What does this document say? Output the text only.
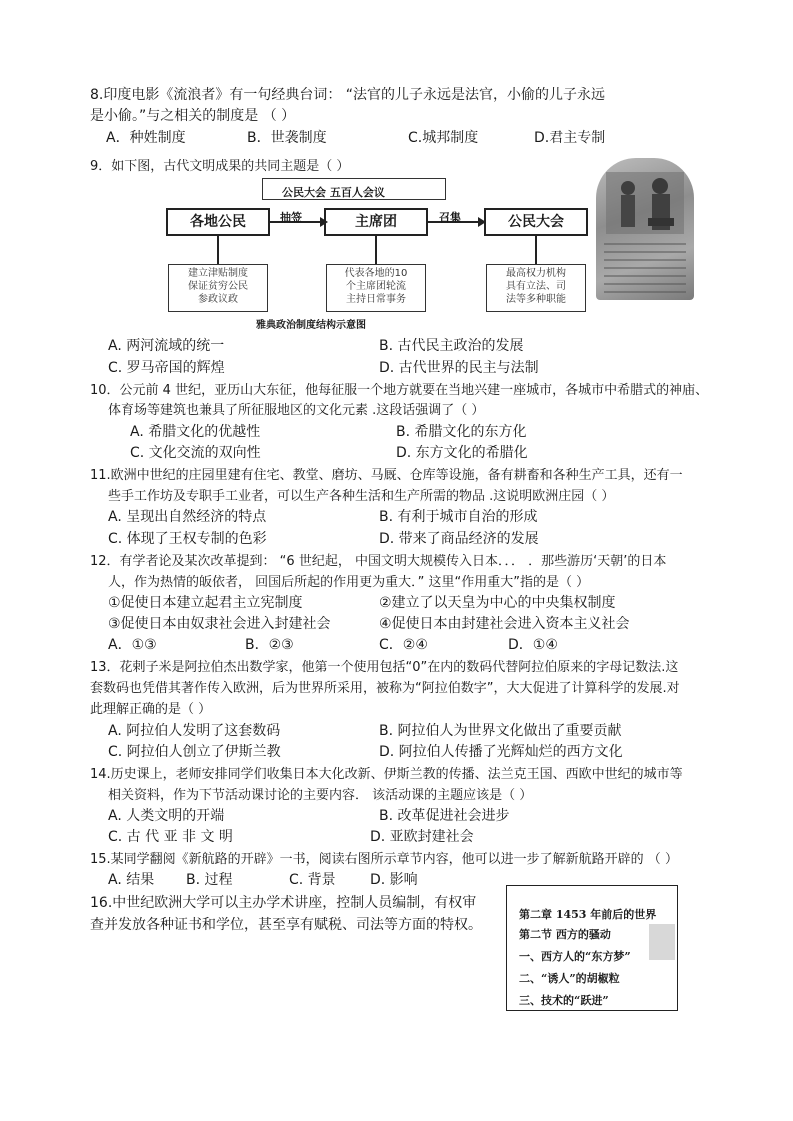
8.印度电影《流浪者》有一句经典台词： “法官的儿子永远是法官，小偷的儿子永远
是小偷。”与之相关的制度是 （ ）
A．种姓制度	B．世袭制度	C.城邦制度	D.君主专制
9．如下图，古代文明成果的共同主题是（ ）
公民大会 五百人会议
各地公民	主席团	公民大会
抽签	召集
建立津贴制度
保证贫穷公民
参政议政
代表各地的10
个主席团轮流
主持日常事务
最高权力机构
具有立法、司
法等多种职能
雅典政治制度结构示意图
A. 两河流域的统一	B. 古代民主政治的发展
C. 罗马帝国的辉煌	D. 古代世界的民主与法制
10．公元前 4 世纪，亚历山大东征，他每征服一个地方就要在当地兴建一座城市，各城市中希腊式的神庙、
体育场等建筑也兼具了所征服地区的文化元素 .这段话强调了（ ）
A. 希腊文化的优越性	B. 希腊文化的东方化
C. 文化交流的双向性	D. 东方文化的希腊化
11.欧洲中世纪的庄园里建有住宅、教堂、磨坊、马厩、仓库等设施，备有耕畜和各种生产工具，还有一
些手工作坊及专职手工业者，可以生产各种生活和生产所需的物品 .这说明欧洲庄园（ ）
A. 呈现出自然经济的特点	B. 有利于城市自治的形成
C. 体现了王权专制的色彩	D. 带来了商品经济的发展
12．有学者论及某次改革提到： “6 世纪起， 中国文明大规模传入日本．．． ．那些游历‘天朝’的日本
人，作为热情的皈依者， 回国后所起的作用更为重大．” 这里“作用重大”指的是（ ）
①促使日本建立起君主立宪制度	②建立了以天皇为中心的中央集权制度
③促使日本由奴隶社会进入封建社会	④促使日本由封建社会进入资本主义社会
A．①③	B．②③	C．②④	D．①④
13．花剌子米是阿拉伯杰出数学家，他第一个使用包括“0”在内的数码代替阿拉伯原来的字母记数法.这
套数码也凭借其著作传入欧洲，后为世界所采用，被称为“阿拉伯数字”，大大促进了计算科学的发展.对
此理解正确的是（ ）
A. 阿拉伯人发明了这套数码	B. 阿拉伯人为世界文化做出了重要贡献
C. 阿拉伯人创立了伊斯兰教	D. 阿拉伯人传播了光辉灿烂的西方文化
14.历史课上，老师安排同学们收集日本大化改新、伊斯兰教的传播、法兰克王国、西欧中世纪的城市等
相关资料，作为下节活动课讨论的主要内容． 该活动课的主题应该是（ ）
A. 人类文明的开端	B. 改革促进社会进步
C. 古 代 亚 非 文 明	D. 亚欧封建社会
15.某同学翻阅《新航路的开辟》一书，阅读右图所示章节内容，他可以进一步了解新航路开辟的 （ ）
A. 结果 B. 过程	C. 背景 D. 影响
16.中世纪欧洲大学可以主办学术讲座，控制人员编制，有权审
查并发放各种证书和学位，甚至享有赋税、司法等方面的特权。
第二章 1453 年前后的世界
第二节 西方的骚动
一、西方人的“东方梦”
二、“诱人”的胡椒粒
三、技术的“跃进”
